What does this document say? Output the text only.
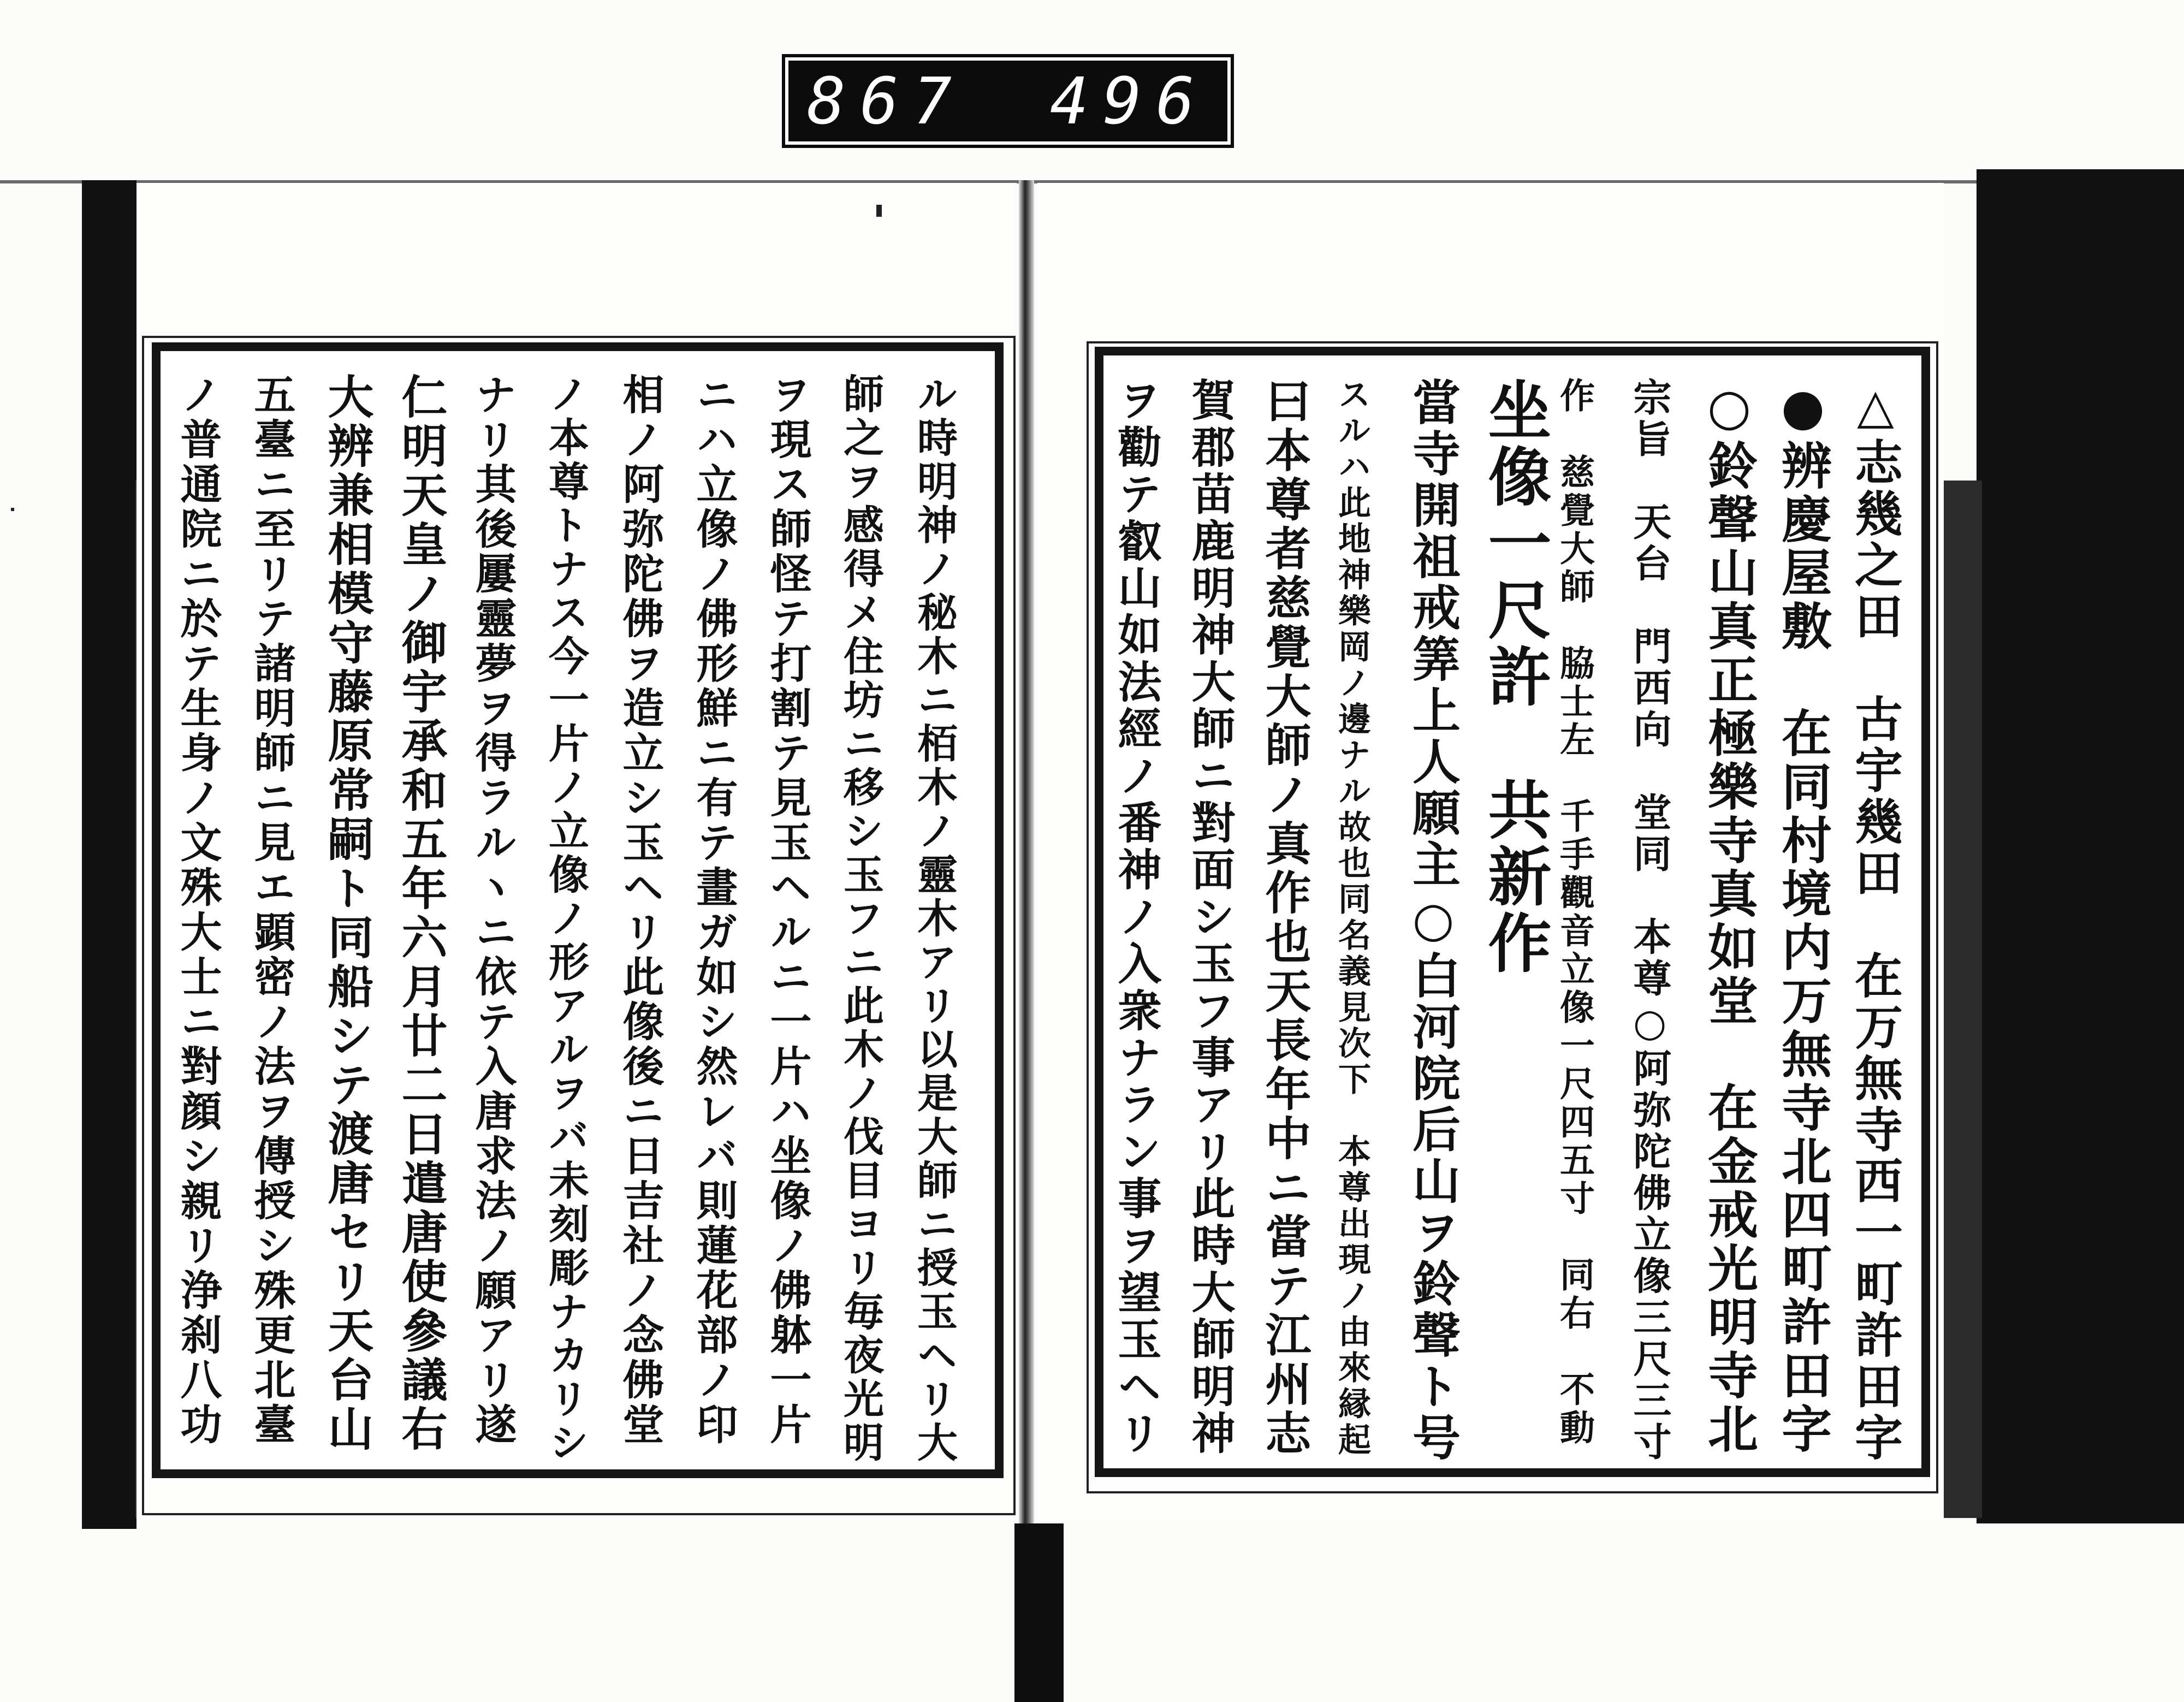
867 496
ル時明神ノ秘木ニ栢木ノ靈木アリ以是大師ニ授玉ヘリ大
師之ヲ感得メ住坊ニ移シ玉フニ此木ノ伐目ヨリ毎夜光明
ヲ現ス師怪テ打割テ見玉ヘルニ一片ハ坐像ノ佛躰一片
ニハ立像ノ佛形鮮ニ有テ畫ガ如シ然レバ則蓮花部ノ印
相ノ阿弥陀佛ヲ造立シ玉ヘリ此像後ニ日吉社ノ念佛堂
ノ本尊トナス今一片ノ立像ノ形アルヲバ未刻彫ナカリシ
ナリ其後屢靈夢ヲ得ラルヽニ依テ入唐求法ノ願アリ遂
仁明天皇ノ御宇承和五年六月廿二日遣唐使參議右
大辨兼相模守藤原常嗣ト同船シテ渡唐セリ天台山
五臺ニ至リテ諸明師ニ見エ顕密ノ法ヲ傳授シ殊更北臺
ノ普通院ニ於テ生身ノ文殊大士ニ對顔シ親リ浄刹八功	△志幾之田　古宇幾田　在万無寺西一町許田字
●辨慶屋敷　在同村境内万無寺北四町許田字
○鈴聲山真正極樂寺真如堂　在金戒光明寺北
宗旨　天台　門西向　堂同　本尊○阿弥陀佛立像三尺三寸
作　慈覺大師　脇士左　千手觀音立像一尺四五寸　同右　不動
坐像一尺許　共新作
當寺開祖戒筭上人願主○白河院后山ヲ鈴聲ト号
スルハ此地神樂岡ノ邊ナル故也同名義見次下　本尊出現ノ由來縁起
曰本尊者慈覺大師ノ真作也天長年中ニ當テ江州志
賀郡苗鹿明神大師ニ對面シ玉フ事アリ此時大師明神
ヲ勸テ叡山如法經ノ番神ノ入衆ナラン事ヲ望玉ヘリ
